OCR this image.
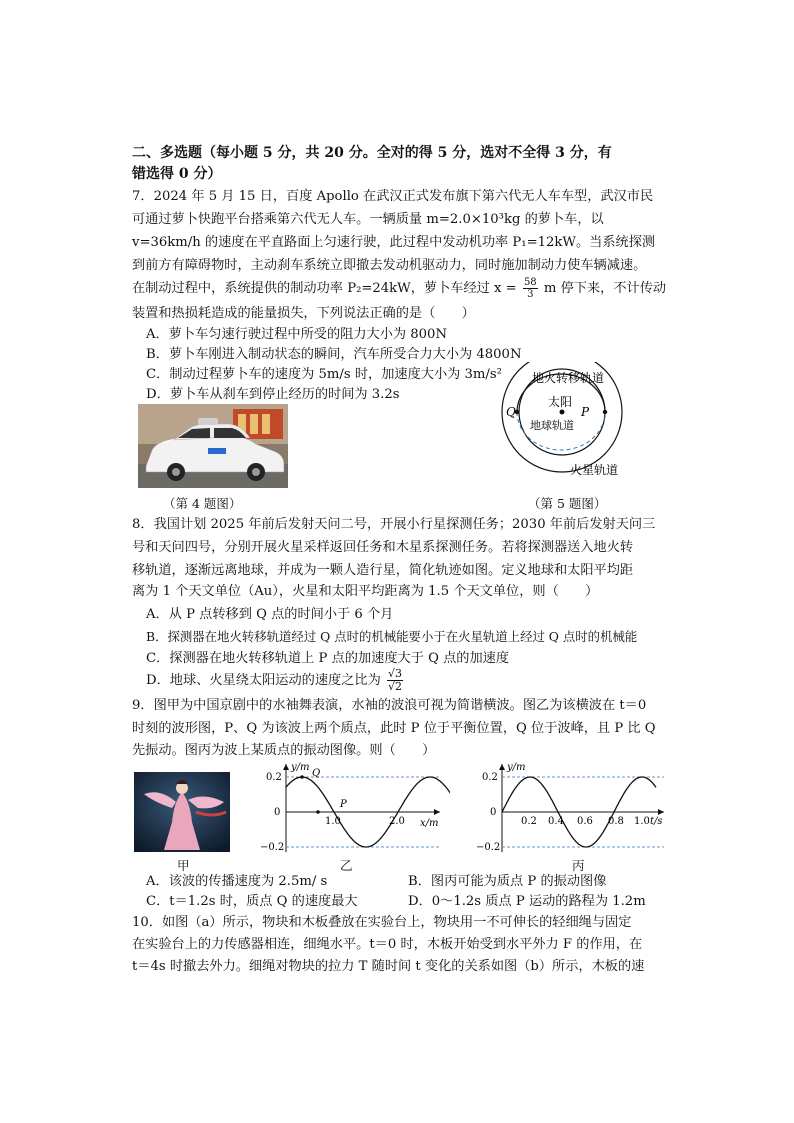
二、多选题（每小题 5 分，共 20 分。全对的得 5 分，选对不全得 3 分，有
错选得 0 分）
7．2024 年 5 月 15 日，百度 Apollo 在武汉正式发布旗下第六代无人车车型，武汉市民
可通过萝卜快跑平台搭乘第六代无人车。一辆质量 m=2.0×10³kg 的萝卜车，以
v=36km/h 的速度在平直路面上匀速行驶，此过程中发动机功率 P₁=12kW。当系统探测
到前方有障碍物时，主动刹车系统立即撤去发动机驱动力，同时施加制动力使车辆减速。
在制动过程中，系统提供的制动功率 P₂=24kW，萝卜车经过 $x = \frac{58}{3}$ m 停下来，不计传动
装置和热损耗造成的能量损失，下列说法正确的是（　　）
A．萝卜车匀速行驶过程中所受的阻力大小为 800N
B．萝卜车刚进入制动状态的瞬间，汽车所受合力大小为 4800N
C．制动过程萝卜车的速度为 5m/s 时，加速度大小为 3m/s²
D．萝卜车从刹车到停止经历的时间为 3.2s
（第 4 题图）
太阳
P
Q
地火转移轨道
地球轨道
火星轨道
（第 5 题图）
8．我国计划 2025 年前后发射天问二号，开展小行星探测任务；2030 年前后发射天问三
号和天问四号，分别开展火星采样返回任务和木星系探测任务。若将探测器送入地火转
移轨道，逐渐远离地球，并成为一颗人造行星，简化轨迹如图。定义地球和太阳平均距
离为 1 个天文单位（Au），火星和太阳平均距离为 1.5 个天文单位，则（　　）
A．从 P 点转移到 Q 点的时间小于 6 个月
B．探测器在地火转移轨道经过 Q 点时的机械能要小于在火星轨道上经过 Q 点时的机械能
C．探测器在地火转移轨道上 P 点的加速度大于 Q 点的加速度
D．地球、火星绕太阳运动的速度之比为 $\frac{√3}{√2}$
9．图甲为中国京剧中的水袖舞表演，水袖的波浪可视为简谐横波。图乙为该横波在 t＝0
时刻的波形图，P、Q 为该波上两个质点，此时 P 位于平衡位置，Q 位于波峰，且 P 比 Q
先振动。图丙为波上某质点的振动图像。则（　　）
甲
y/m
x/m
0.2
0
−0.2
1.0	2.0
Q
P
乙
y/m
t/s
0.2
0
−0.2
0.2 0.4 0.6 0.8 1.0
丙
A．该波的传播速度为 2.5m/ s	B．图丙可能为质点 P 的振动图像
C．t＝1.2s 时，质点 Q 的速度最大	D．0～1.2s 质点 P 运动的路程为 1.2m
10．如图（a）所示，物块和木板叠放在实验台上，物块用一不可伸长的轻细绳与固定
在实验台上的力传感器相连，细绳水平。t＝0 时，木板开始受到水平外力 F 的作用，在
t＝4s 时撤去外力。细绳对物块的拉力 T 随时间 t 变化的关系如图（b）所示，木板的速
